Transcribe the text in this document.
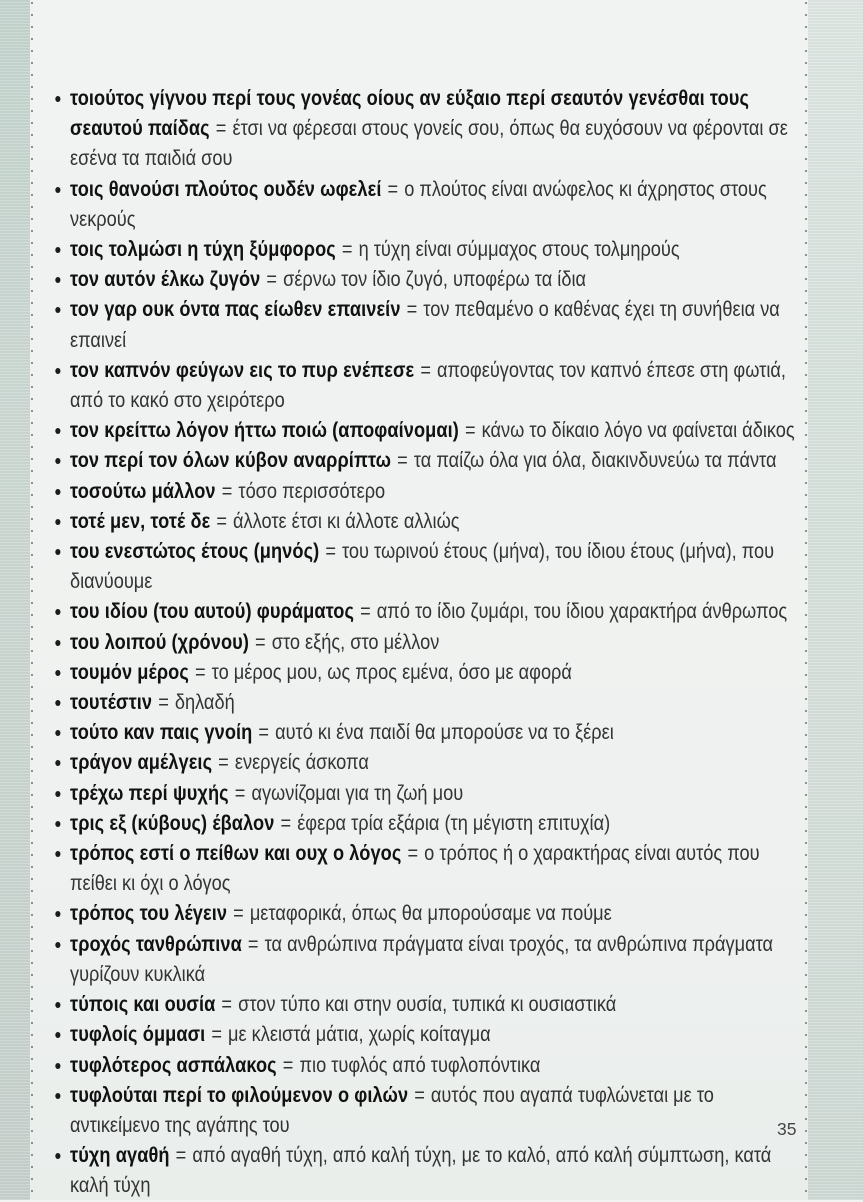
τοιούτος γίγνου περί τους γονέας οίους αν εύξαιο περί σεαυτόν γενέσθαι τους σεαυτού παίδας = έτσι να φέρεσαι στους γονείς σου, όπως θα ευχόσουν να φέρονται σε εσένα τα παιδιά σου
τοις θανούσι πλούτος ουδέν ωφελεί = ο πλούτος είναι ανώφελος κι άχρηστος στους νεκρούς
τοις τολμώσι η τύχη ξύμφορος = η τύχη είναι σύμμαχος στους τολμηρούς
τον αυτόν έλκω ζυγόν = σέρνω τον ίδιο ζυγό, υποφέρω τα ίδια
τον γαρ ουκ όντα πας είωθεν επαινείν = τον πεθαμένο ο καθένας έχει τη συνήθεια να επαινεί
τον καπνόν φεύγων εις το πυρ ενέπεσε = αποφεύγοντας τον καπνό έπεσε στη φωτιά, από το κακό στο χειρότερο
τον κρείττω λόγον ήττω ποιώ (αποφαίνομαι) = κάνω το δίκαιο λόγο να φαίνεται άδικος
τον περί τον όλων κύβον αναρρίπτω = τα παίζω όλα για όλα, διακινδυνεύω τα πάντα
τοσούτω μάλλον = τόσο περισσότερο
τοτέ μεν, τοτέ δε = άλλοτε έτσι κι άλλοτε αλλιώς
του ενεστώτος έτους (μηνός) = του τωρινού έτους (μήνα), του ίδιου έτους (μήνα), που διανύουμε
του ιδίου (του αυτού) φυράματος = από το ίδιο ζυμάρι, του ίδιου χαρακτήρα άνθρωπος
του λοιπού (χρόνου) = στο εξής, στο μέλλον
τουμόν μέρος = το μέρος μου, ως προς εμένα, όσο με αφορά
τουτέστιν = δηλαδή
τούτο καν παις γνοίη = αυτό κι ένα παιδί θα μπορούσε να το ξέρει
τράγον αμέλγεις = ενεργείς άσκοπα
τρέχω περί ψυχής = αγωνίζομαι για τη ζωή μου
τρις εξ (κύβους) έβαλον = έφερα τρία εξάρια (τη μέγιστη επιτυχία)
τρόπος εστί ο πείθων και ουχ ο λόγος = ο τρόπος ή ο χαρακτήρας είναι αυτός που πείθει κι όχι ο λόγος
τρόπος του λέγειν = μεταφορικά, όπως θα μπορούσαμε να πούμε
τροχός τανθρώπινα = τα ανθρώπινα πράγματα είναι τροχός, τα ανθρώπινα πράγματα γυρίζουν κυκλικά
τύποις και ουσία = στον τύπο και στην ουσία, τυπικά κι ουσιαστικά
τυφλοίς όμμασι = με κλειστά μάτια, χωρίς κοίταγμα
τυφλότερος ασπάλακος = πιο τυφλός από τυφλοπόντικα
τυφλούται περί το φιλούμενον ο φιλών = αυτός που αγαπά τυφλώνεται με το αντικείμενο της αγάπης του
τύχη αγαθή = από αγαθή τύχη, από καλή τύχη, με το καλό, από καλή σύμπτωση, κατά καλή τύχη
35
